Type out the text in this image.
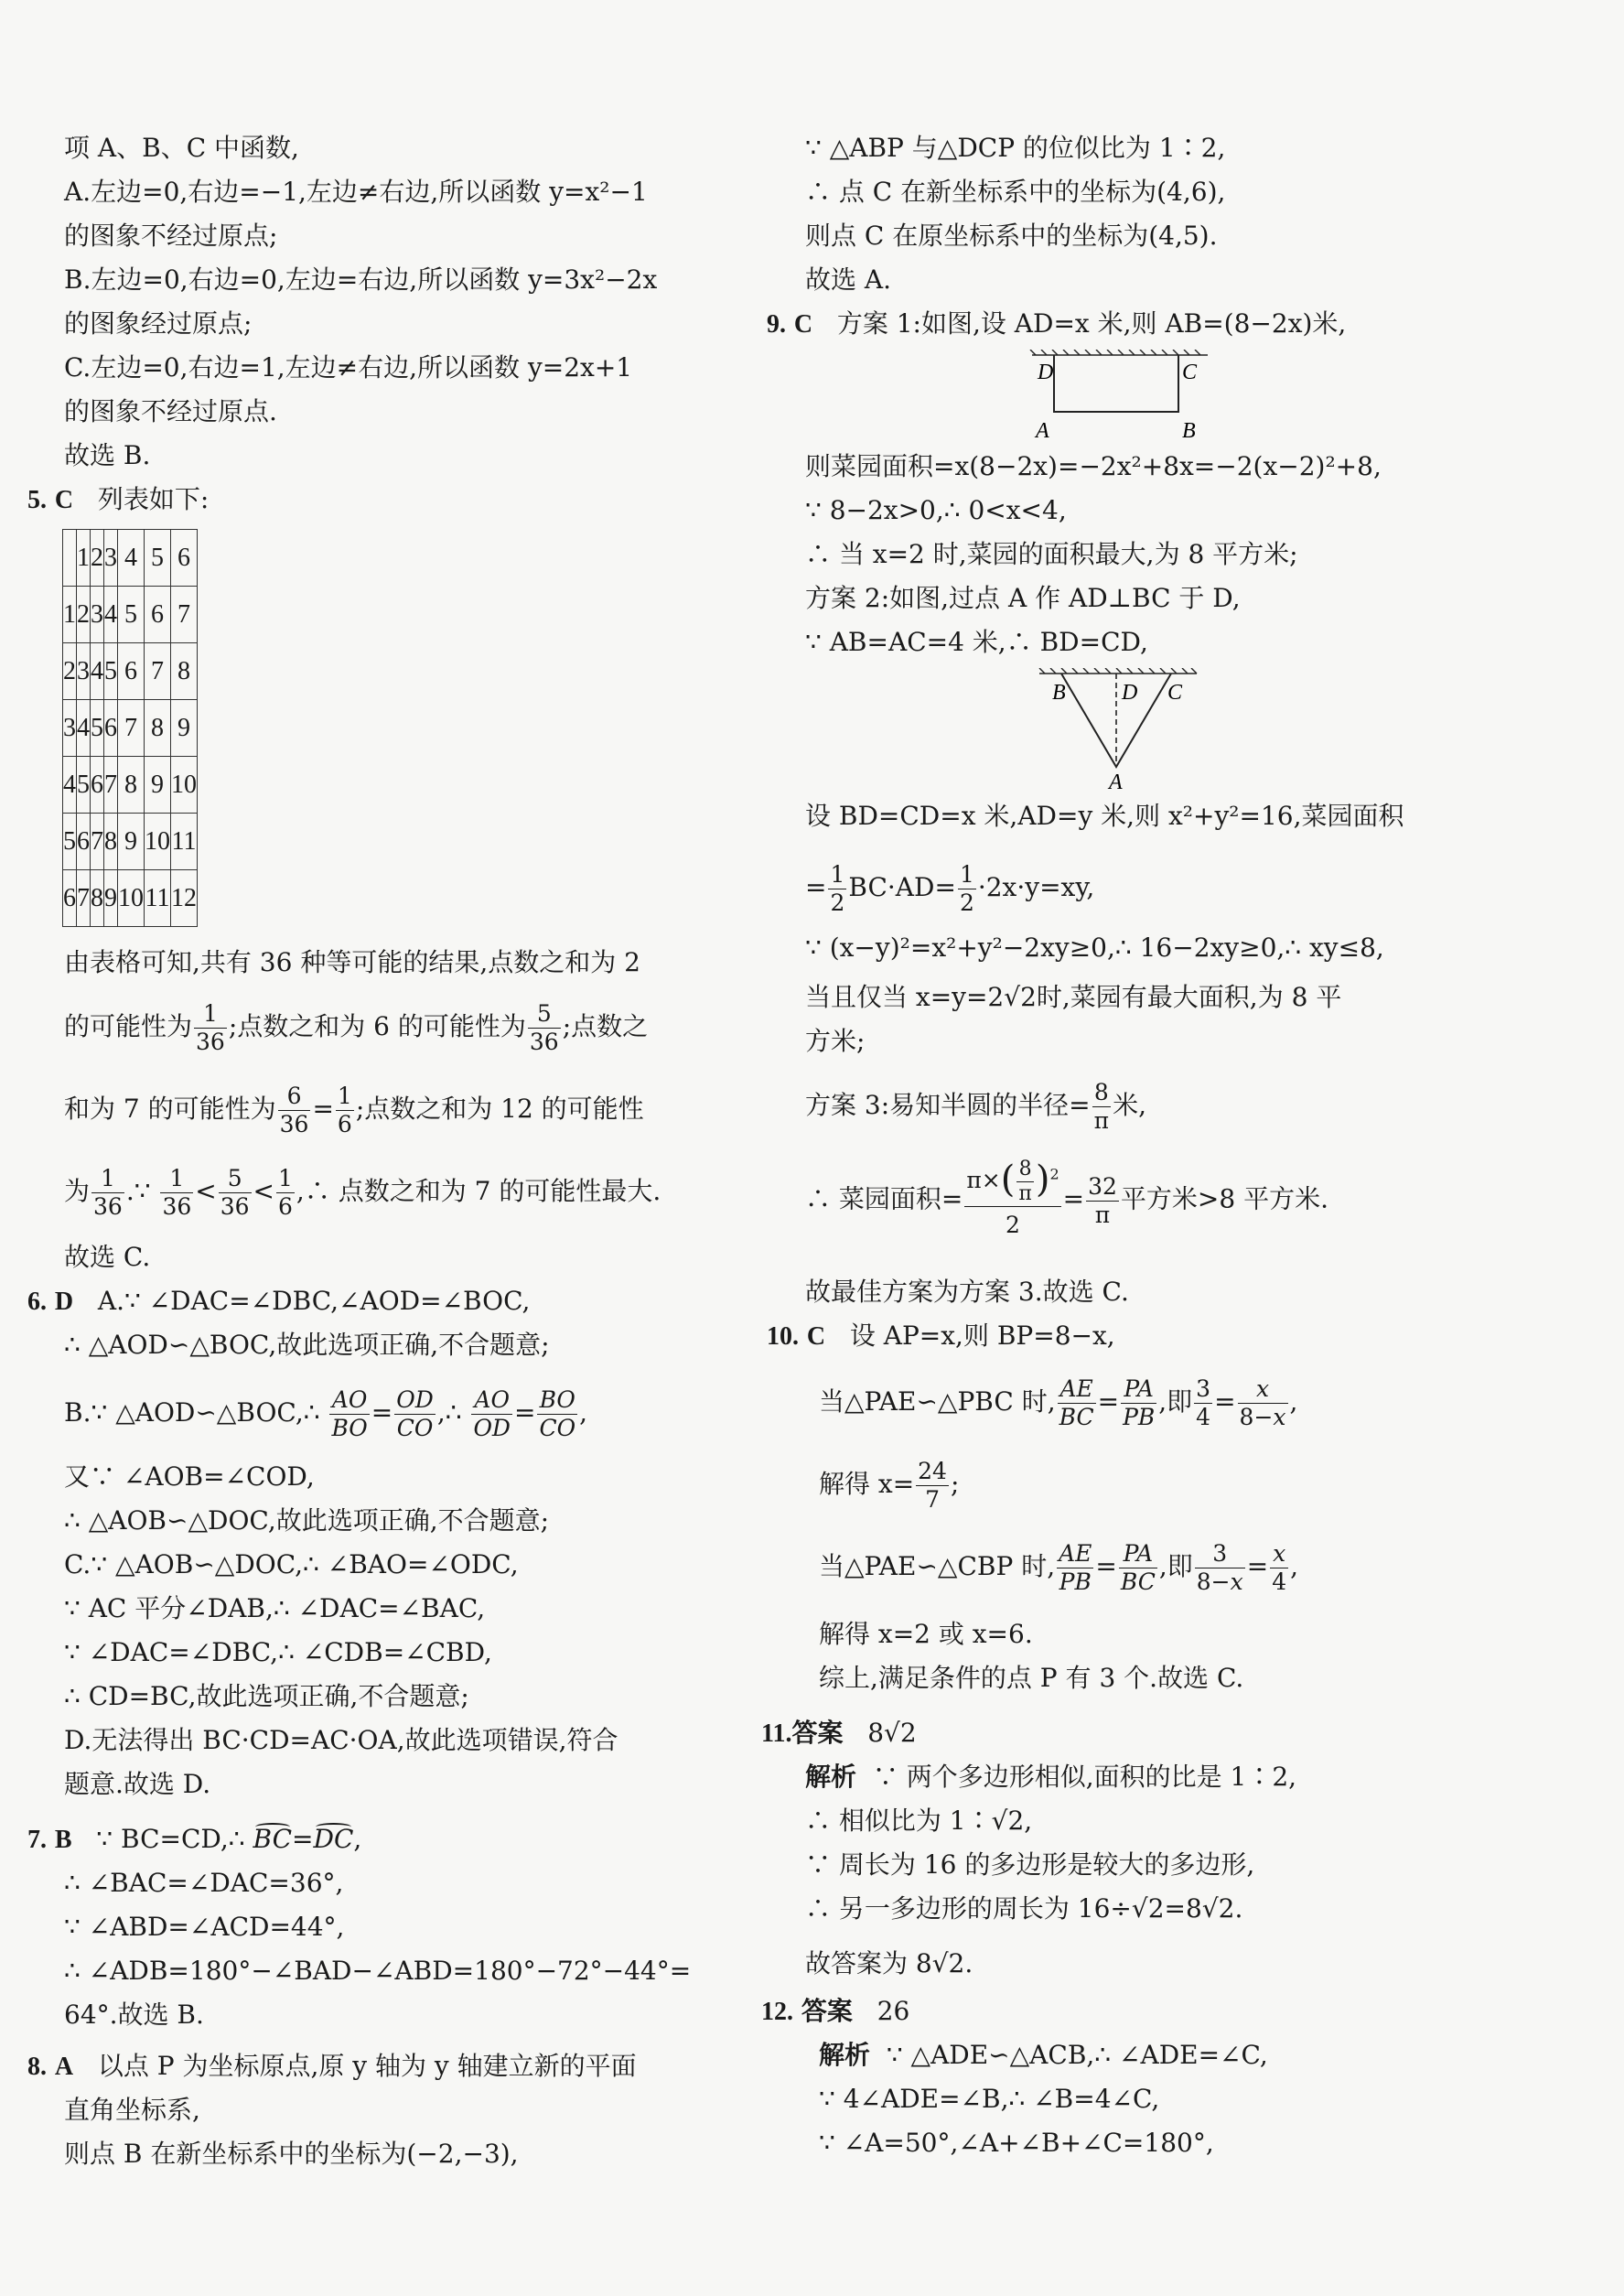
项 A、B、C 中函数,
A.左边=0,右边=−1,左边≠右边,所以函数 y=x²−1
的图象不经过原点;
B.左边=0,右边=0,左边=右边,所以函数 y=3x²−2x
的图象经过原点;
C.左边=0,右边=1,左边≠右边,所以函数 y=2x+1
的图象不经过原点.
故选 B.
5. C 列表如下:
	1	2	3	4	5	6
1	2	3	4	5	6	7
2	3	4	5	6	7	8
3	4	5	6	7	8	9
4	5	6	7	8	9	10
5	6	7	8	9	10	11
6	7	8	9	10	11	12
由表格可知,共有 36 种等可能的结果,点数之和为 2
的可能性为 $\frac{1}{36}$ ;点数之和为 6 的可能性为 $\frac{5}{36}$ ;点数之
和为 7 的可能性为 $\frac{6}{36} = \frac{1}{6}$ ;点数之和为 12 的可能性
为 $\frac{1}{36}$ .∵ $\frac{1}{36} < \frac{5}{36} < \frac{1}{6}$ ,∴ 点数之和为 7 的可能性最大.
故选 C.
6. D A.∵ ∠DAC=∠DBC,∠AOD=∠BOC,
∴ △AOD∽△BOC,故此选项正确,不合题意;
B.∵ △AOD∽△BOC,∴ $\frac{AO}{BO} = \frac{OD}{CO}$ ,∴ $\frac{AO}{OD} = \frac{BO}{CO}$ ,
又∵ ∠AOB=∠COD,
∴ △AOB∽△DOC,故此选项正确,不合题意;
C.∵ △AOB∽△DOC,∴ ∠BAO=∠ODC,
∵ AC 平分∠DAB,∴ ∠DAC=∠BAC,
∵ ∠DAC=∠DBC,∴ ∠CDB=∠CBD,
∴ CD=BC,故此选项正确,不合题意;
D.无法得出 BC·CD=AC·OA,故此选项错误,符合
题意.故选 D.
7. B ∵ BC=CD,∴ BC=DC,
∴ ∠BAC=∠DAC=36°,
∵ ∠ABD=∠ACD=44°,
∴ ∠ADB=180°−∠BAD−∠ABD=180°−72°−44°=
64°.故选 B.
8. A 以点 P 为坐标原点,原 y 轴为 y 轴建立新的平面
直角坐标系,
则点 B 在新坐标系中的坐标为(−2,−3),
∵ △ABP 与△DCP 的位似比为 1∶2,
∴ 点 C 在新坐标系中的坐标为(4,6),
则点 C 在原坐标系中的坐标为(4,5).
故选 A.
9. C 方案 1:如图,设 AD=x 米,则 AB=(8−2x)米,
D	C
A	B
则菜园面积=x(8−2x)=−2x²+8x=−2(x−2)²+8,
∵ 8−2x>0,∴ 0<x<4,
∴ 当 x=2 时,菜园的面积最大,为 8 平方米;
方案 2:如图,过点 A 作 AD⊥BC 于 D,
∵ AB=AC=4 米,∴ BD=CD,
B	D C
A
设 BD=CD=x 米,AD=y 米,则 x²+y²=16,菜园面积
= $\frac{1}{2} BC\cdot AD= \frac{1}{2} \cdot 2x\cdot y=xy$,
∵ (x−y)²=x²+y²−2xy≥0,∴ 16−2xy≥0,∴ xy≤8,
当且仅当 x=y=2√2时,菜园有最大面积,为 8 平
方米;
方案 3:易知半圆的半径= $\frac{8}{\pi}$ 米,
∴ 菜园面积= $\frac{\pi\times( \frac{8}{\pi} )^2}{2} = \frac{32}{\pi}$ 平方米>8 平方米.
故最佳方案为方案 3.故选 C.
10. C 设 AP=x,则 BP=8−x,
当△PAE∽△PBC 时, $\frac{AE}{BC} = \frac{PA}{PB}$ ,即 $\frac{3}{4} = \frac{x}{8-x}$ ,
解得 $x= \frac{24}{7}$ ;
当△PAE∽△CBP 时, $\frac{AE}{PB} = \frac{PA}{BC}$ ,即 $\frac{3}{8-x} = \frac{x}{4}$ ,
解得 x=2 或 x=6.
综上,满足条件的点 P 有 3 个.故选 C.
11.答案 8√2
解析 ∵ 两个多边形相似,面积的比是 1∶2,
∴ 相似比为 1∶√2,
∵ 周长为 16 的多边形是较大的多边形,
∴ 另一多边形的周长为 16÷√2=8√2.
故答案为 8√2.
12. 答案 26
解析 ∵ △ADE∽△ACB,∴ ∠ADE=∠C,
∵ 4∠ADE=∠B,∴ ∠B=4∠C,
∵ ∠A=50°,∠A+∠B+∠C=180°,
